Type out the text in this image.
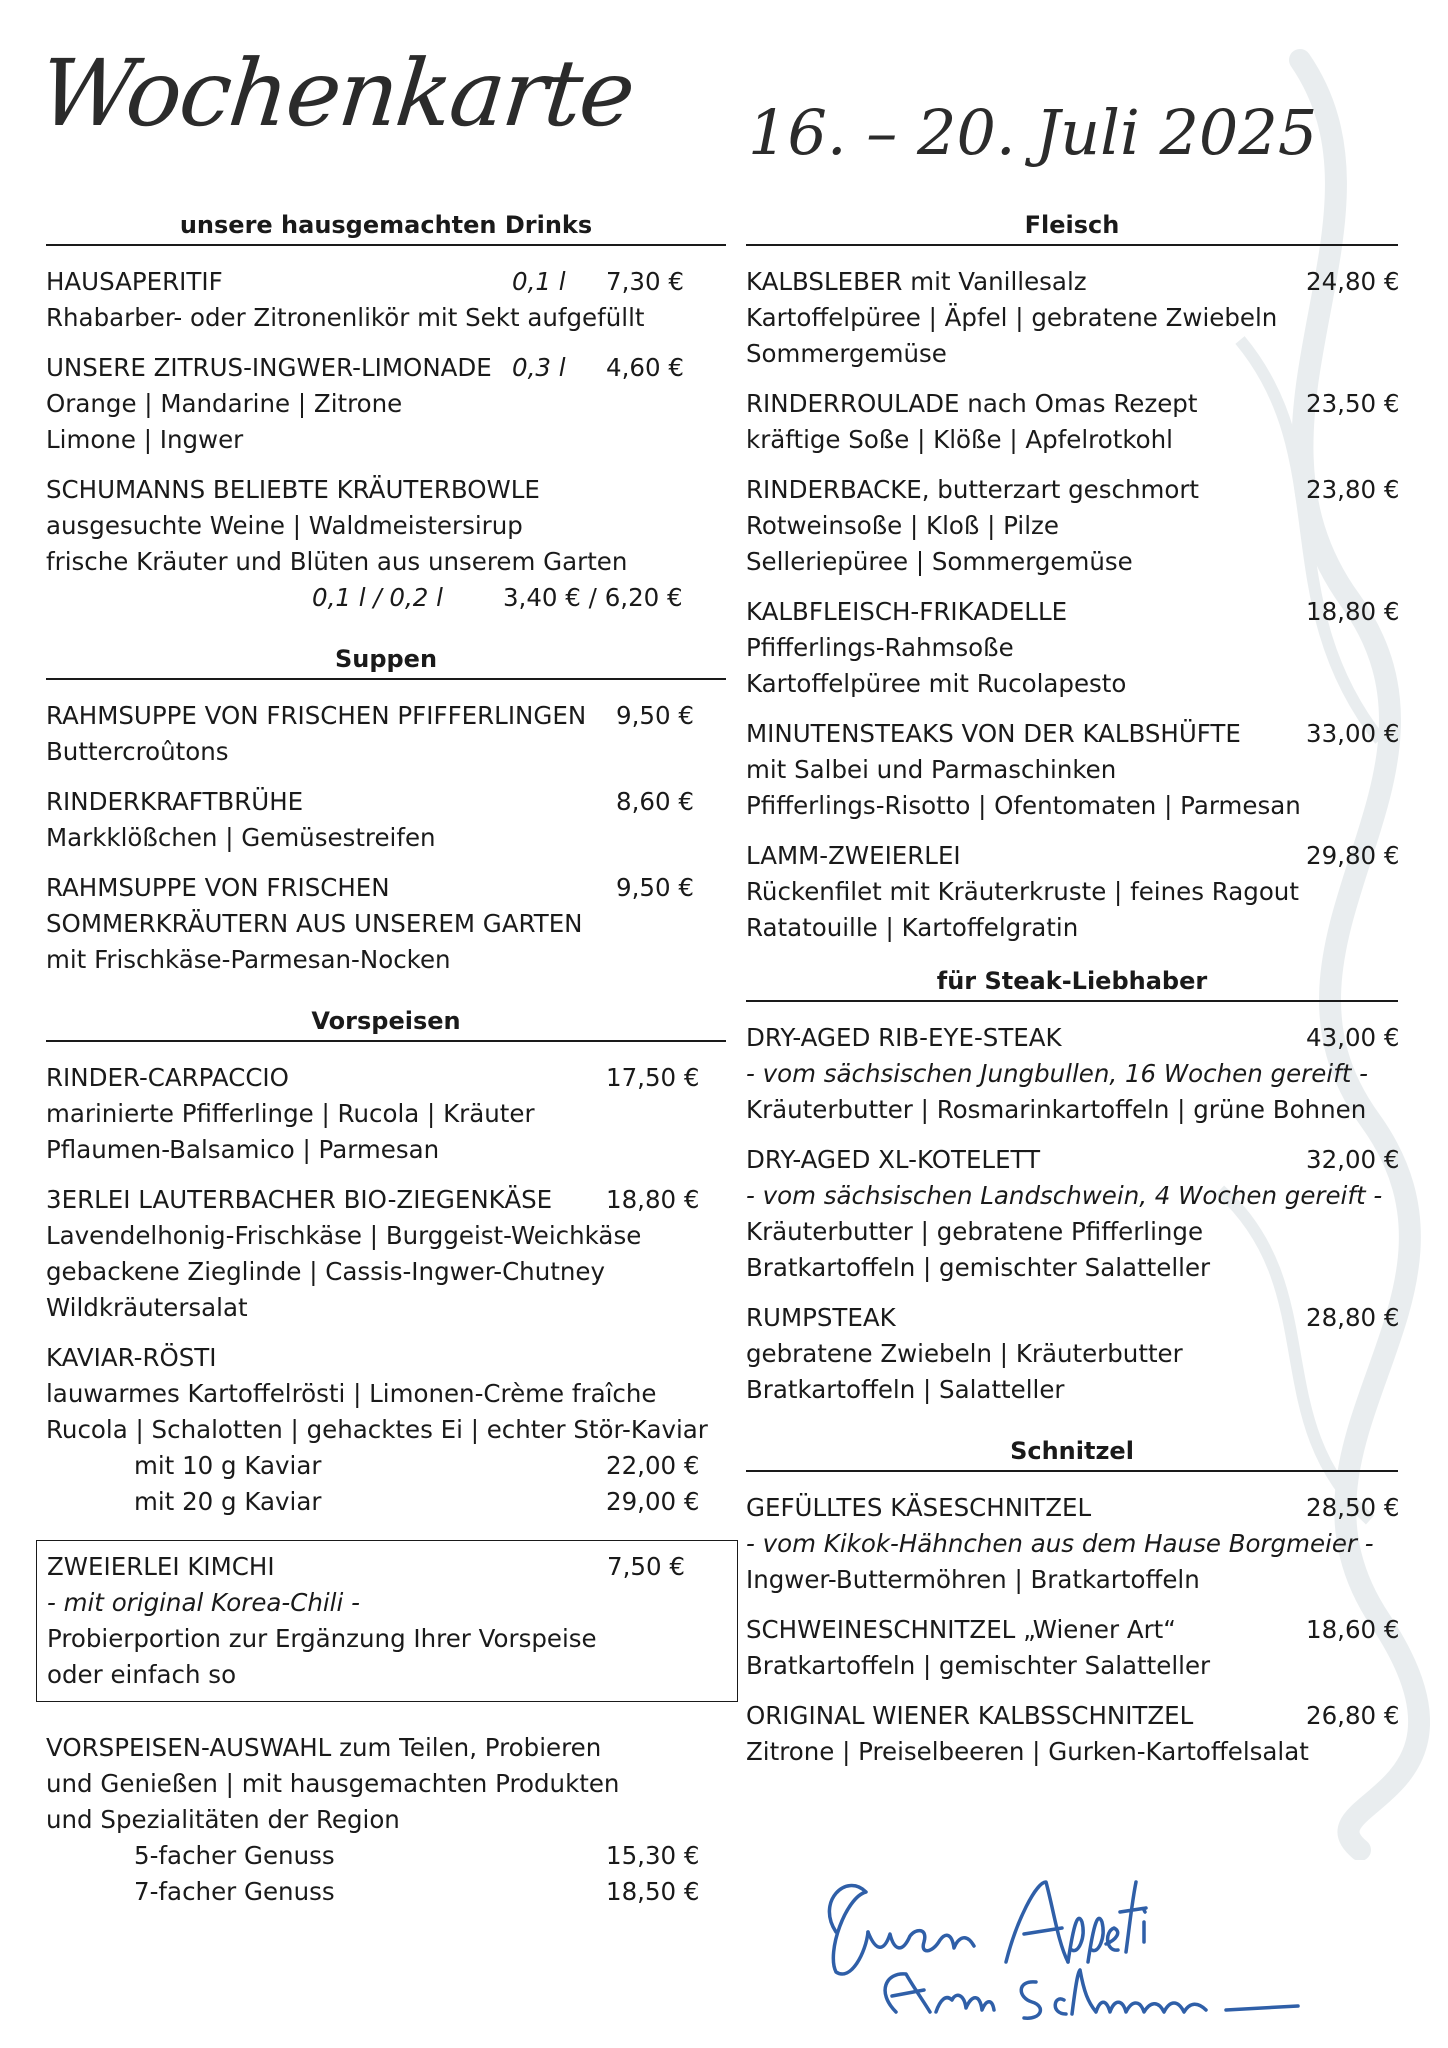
Wochenkarte 16. – 20. Juli 2025
unsere hausgemachten Drinks
HAUSAPERITIF	0,1 l 7,30 €
Rhabarber- oder Zitronenlikör mit Sekt aufgefüllt
UNSERE ZITRUS-INGWER-LIMONADE 0,3 l 4,60 €
Orange | Mandarine | Zitrone
Limone | Ingwer
SCHUMANNS BELIEBTE KRÄUTERBOWLE
ausgesuchte Weine | Waldmeistersirup
frische Kräuter und Blüten aus unserem Garten
0,1 l / 0,2 l 3,40 € / 6,20 €
Suppen
RAHMSUPPE VON FRISCHEN PFIFFERLINGEN 9,50 €
Buttercroûtons
RINDERKRAFTBRÜHE	8,60 €
Markklößchen | Gemüsestreifen
RAHMSUPPE VON FRISCHEN	9,50 €
SOMMERKRÄUTERN AUS UNSEREM GARTEN
mit Frischkäse-Parmesan-Nocken
Vorspeisen
RINDER-CARPACCIO	17,50 €
marinierte Pfifferlinge | Rucola | Kräuter
Pflaumen-Balsamico | Parmesan
3ERLEI LAUTERBACHER BIO-ZIEGENKÄSE 18,80 €
Lavendelhonig-Frischkäse | Burggeist-Weichkäse
gebackene Zieglinde | Cassis-Ingwer-Chutney
Wildkräutersalat
KAVIAR-RÖSTI
lauwarmes Kartoffelrösti | Limonen-Crème fraîche
Rucola | Schalotten | gehacktes Ei | echter Stör-Kaviar
mit 10 g Kaviar	22,00 €
mit 20 g Kaviar	29,00 €
ZWEIERLEI KIMCHI	7,50 €
- mit original Korea-Chili -
Probierportion zur Ergänzung Ihrer Vorspeise
oder einfach so
VORSPEISEN-AUSWAHL zum Teilen, Probieren
und Genießen | mit hausgemachten Produkten
und Spezialitäten der Region
5-facher Genuss	15,30 €
7-facher Genuss	18,50 €
Fleisch
KALBSLEBER mit Vanillesalz	24,80 €
Kartoffelpüree | Äpfel | gebratene Zwiebeln
Sommergemüse
RINDERROULADE nach Omas Rezept	23,50 €
kräftige Soße | Klöße | Apfelrotkohl
RINDERBACKE, butterzart geschmort	23,80 €
Rotweinsoße | Kloß | Pilze
Selleriepüree | Sommergemüse
KALBFLEISCH-FRIKADELLE	18,80 €
Pfifferlings-Rahmsoße
Kartoffelpüree mit Rucolapesto
MINUTENSTEAKS VON DER KALBSHÜFTE	33,00 €
mit Salbei und Parmaschinken
Pfifferlings-Risotto | Ofentomaten | Parmesan
LAMM-ZWEIERLEI	29,80 €
Rückenfilet mit Kräuterkruste | feines Ragout
Ratatouille | Kartoffelgratin
für Steak-Liebhaber
DRY-AGED RIB-EYE-STEAK	43,00 €
- vom sächsischen Jungbullen, 16 Wochen gereift -
Kräuterbutter | Rosmarinkartoffeln | grüne Bohnen
DRY-AGED XL-KOTELETT	32,00 €
- vom sächsischen Landschwein, 4 Wochen gereift -
Kräuterbutter | gebratene Pfifferlinge
Bratkartoffeln | gemischter Salatteller
RUMPSTEAK	28,80 €
gebratene Zwiebeln | Kräuterbutter
Bratkartoffeln | Salatteller
Schnitzel
GEFÜLLTES KÄSESCHNITZEL	28,50 €
- vom Kikok-Hähnchen aus dem Hause Borgmeier -
Ingwer-Buttermöhren | Bratkartoffeln
SCHWEINESCHNITZEL „Wiener Art“	18,60 €
Bratkartoffeln | gemischter Salatteller
ORIGINAL WIENER KALBSSCHNITZEL	26,80 €
Zitrone | Preiselbeeren | Gurken-Kartoffelsalat
